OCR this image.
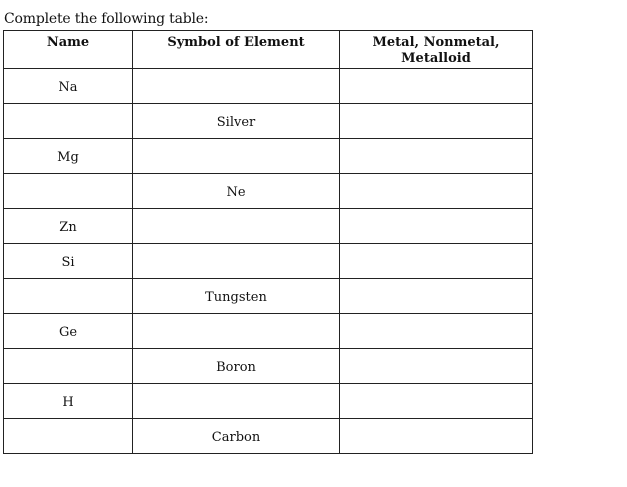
Complete the following table:
Name	Symbol of Element	Metal, Nonmetal, Metalloid
Na		
	Silver	
Mg		
	Ne	
Zn		
Si		
	Tungsten	
Ge		
	Boron	
H		
	Carbon	
